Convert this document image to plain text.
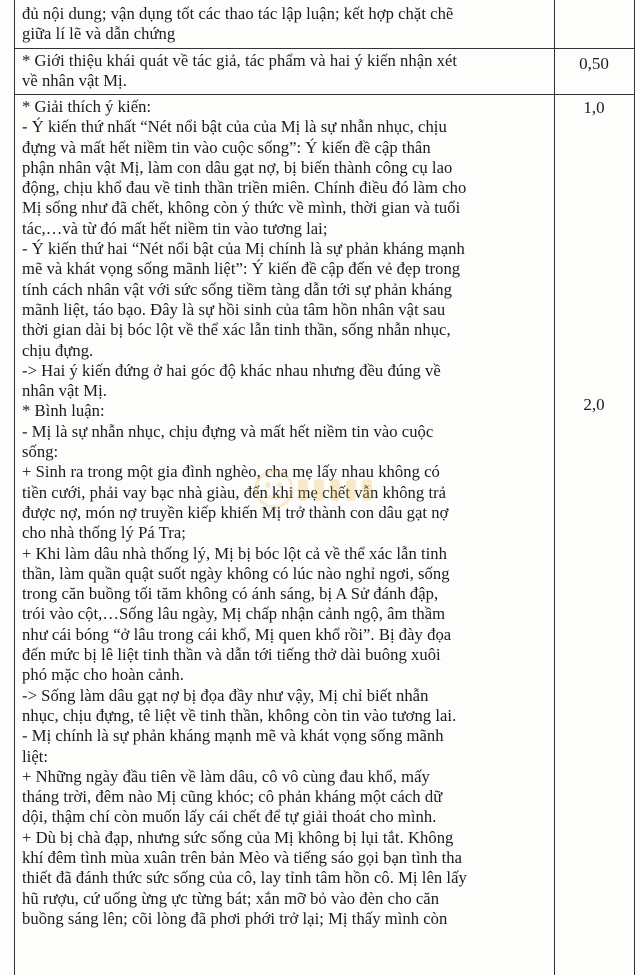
đủ nội dung; vận dụng tốt các thao tác lập luận; kết hợp chặt chẽ
giữa lí lẽ và dẫn chứng
* Giới thiệu khái quát về tác giả, tác phẩm và hai ý kiến nhận xét
về nhân vật Mị.
* Giải thích ý kiến:
- Ý kiến thứ nhất “Nét nổi bật của của Mị là sự nhẫn nhục, chịu
đựng và mất hết niềm tin vào cuộc sống”: Ý kiến đề cập thân
phận nhân vật Mị, làm con dâu gạt nợ, bị biến thành công cụ lao
động, chịu khổ đau về tinh thần triền miên. Chính điều đó làm cho
Mị sống như đã chết, không còn ý thức về mình, thời gian và tuổi
tác,…và từ đó mất hết niềm tin vào tương lai;
- Ý kiến thứ hai “Nét nổi bật của Mị chính là sự phản kháng mạnh
mẽ và khát vọng sống mãnh liệt”: Ý kiến đề cập đến vẻ đẹp trong
tính cách nhân vật với sức sống tiềm tàng dẫn tới sự phản kháng
mãnh liệt, táo bạo. Đây là sự hồi sinh của tâm hồn nhân vật sau
thời gian dài bị bóc lột về thể xác lẫn tinh thần, sống nhẫn nhục,
chịu đựng.
-> Hai ý kiến đứng ở hai góc độ khác nhau nhưng đều đúng về
nhân vật Mị.
* Bình luận:
- Mị là sự nhẫn nhục, chịu đựng và mất hết niềm tin vào cuộc
sống:
+ Sinh ra trong một gia đình nghèo, cha mẹ lấy nhau không có
tiền cưới, phải vay bạc nhà giàu, đến khi mẹ chết vẫn không trả
được nợ, món nợ truyền kiếp khiến Mị trở thành con dâu gạt nợ
cho nhà thống lý Pá Tra;
+ Khi làm dâu nhà thống lý, Mị bị bóc lột cả về thể xác lẫn tinh
thần, làm quần quật suốt ngày không có lúc nào nghỉ ngơi, sống
trong căn buồng tối tăm không có ánh sáng, bị A Sử đánh đập,
trói vào cột,…Sống lâu ngày, Mị chấp nhận cảnh ngộ, âm thầm
như cái bóng “ở lâu trong cái khổ, Mị quen khổ rồi”. Bị đày đọa
đến mức bị lê liệt tinh thần và dẫn tới tiếng thở dài buông xuôi
phó mặc cho hoàn cảnh.
-> Sống làm dâu gạt nợ bị đọa đầy như vậy, Mị chỉ biết nhẫn
nhục, chịu đựng, tê liệt về tinh thần, không còn tin vào tương lai.
- Mị chính là sự phản kháng mạnh mẽ và khát vọng sống mãnh
liệt:
+ Những ngày đầu tiên về làm dâu, cô vô cùng đau khổ, mấy
tháng trời, đêm nào Mị cũng khóc; cô phản kháng một cách dữ
dội, thậm chí còn muốn lấy cái chết để tự giải thoát cho mình.
+ Dù bị chà đạp, nhưng sức sống của Mị không bị lụi tắt. Không
khí đêm tình mùa xuân trên bản Mèo và tiếng sáo gọi bạn tình tha
thiết đã đánh thức sức sống của cô, lay tỉnh tâm hồn cô. Mị lên lấy
hũ rượu, cứ uống ừng ực từng bát; xắn mỡ bỏ vào đèn cho căn
buồng sáng lên; cõi lòng đã phơi phới trở lại; Mị thấy mình còn
0,50
1,0
2,0
